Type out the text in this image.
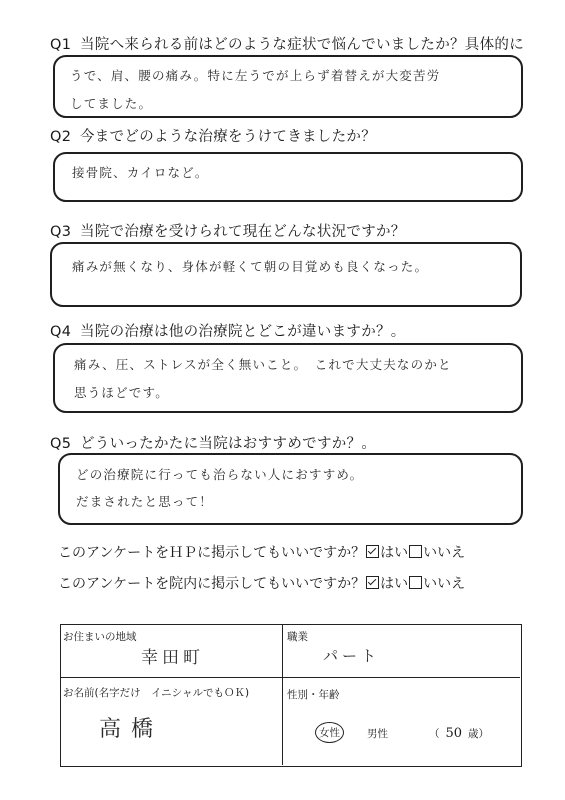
Q1 当院へ来られる前はどのような症状で悩んでいましたか？具体的に
うで、肩、腰の痛み。特に左うでが上らず着替えが大変苦労
してました。
Q2 今までどのような治療をうけてきましたか？
接骨院、カイロなど。
Q3 当院で治療を受けられて現在どんな状況ですか？
痛みが無くなり、身体が軽くて朝の目覚めも良くなった。
Q4 当院の治療は他の治療院とどこが違いますか？。
痛み、圧、ストレスが全く無いこと。　これで大丈夫なのかと
思うほどです。
Q5 どういったかたに当院はおすすめですか？。
どの治療院に行っても治らない人におすすめ。
だまされたと思って！
このアンケートをＨＰに掲示してもいいですか？ はい いいえ
このアンケートを院内に掲示してもいいですか？ はい いいえ
お住まいの地域
幸田町
職業
パート
お名前(名字だけ　イニシャルでもＯＫ)
高橋
性別・年齢
女性	男性	（ 50 歳）
